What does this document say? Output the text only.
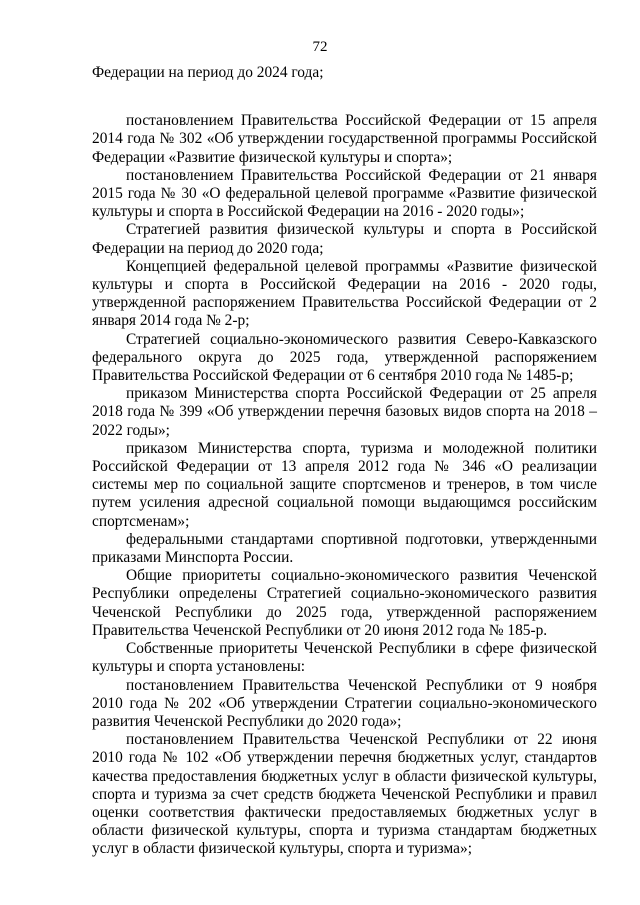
72

Федерации на период до 2024 года;

постановлением Правительства Российской Федерации от 15 апреля 2014 года № 302 «Об утверждении государственной программы Российской Федерации «Развитие физической культуры и спорта»;

постановлением Правительства Российской Федерации от 21 января 2015 года № 30 «О федеральной целевой программе «Развитие физической культуры и спорта в Российской Федерации на 2016 - 2020 годы»;

Стратегией развития физической культуры и спорта в Российской Федерации на период до 2020 года;

Концепцией федеральной целевой программы «Развитие физической культуры и спорта в Российской Федерации на 2016 - 2020 годы, утвержденной распоряжением Правительства Российской Федерации от 2 января 2014 года № 2-р;

Стратегией социально-экономического развития Северо-Кавказского федерального округа до 2025 года, утвержденной распоряжением Правительства Российской Федерации от 6 сентября 2010 года № 1485-р;

приказом Министерства спорта Российской Федерации от 25 апреля 2018 года № 399 «Об утверждении перечня базовых видов спорта на 2018 – 2022 годы»;

приказом Министерства спорта, туризма и молодежной политики Российской Федерации от 13 апреля 2012 года № 346 «О реализации системы мер по социальной защите спортсменов и тренеров, в том числе путем усиления адресной социальной помощи выдающимся российским спортсменам»;

федеральными стандартами спортивной подготовки, утвержденными приказами Минспорта России.

Общие приоритеты социально-экономического развития Чеченской Республики определены Стратегией социально-экономического развития Чеченской Республики до 2025 года, утвержденной распоряжением Правительства Чеченской Республики от 20 июня 2012 года № 185-р.

Собственные приоритеты Чеченской Республики в сфере физической культуры и спорта установлены:

постановлением Правительства Чеченской Республики от 9 ноября 2010 года № 202 «Об утверждении Стратегии социально-экономического развития Чеченской Республики до 2020 года»;

постановлением Правительства Чеченской Республики от 22 июня 2010 года № 102 «Об утверждении перечня бюджетных услуг, стандартов качества предоставления бюджетных услуг в области физической культуры, спорта и туризма за счет средств бюджета Чеченской Республики и правил оценки соответствия фактически предоставляемых бюджетных услуг в области физической культуры, спорта и туризма стандартам бюджетных услуг в области физической культуры, спорта и туризма»;
